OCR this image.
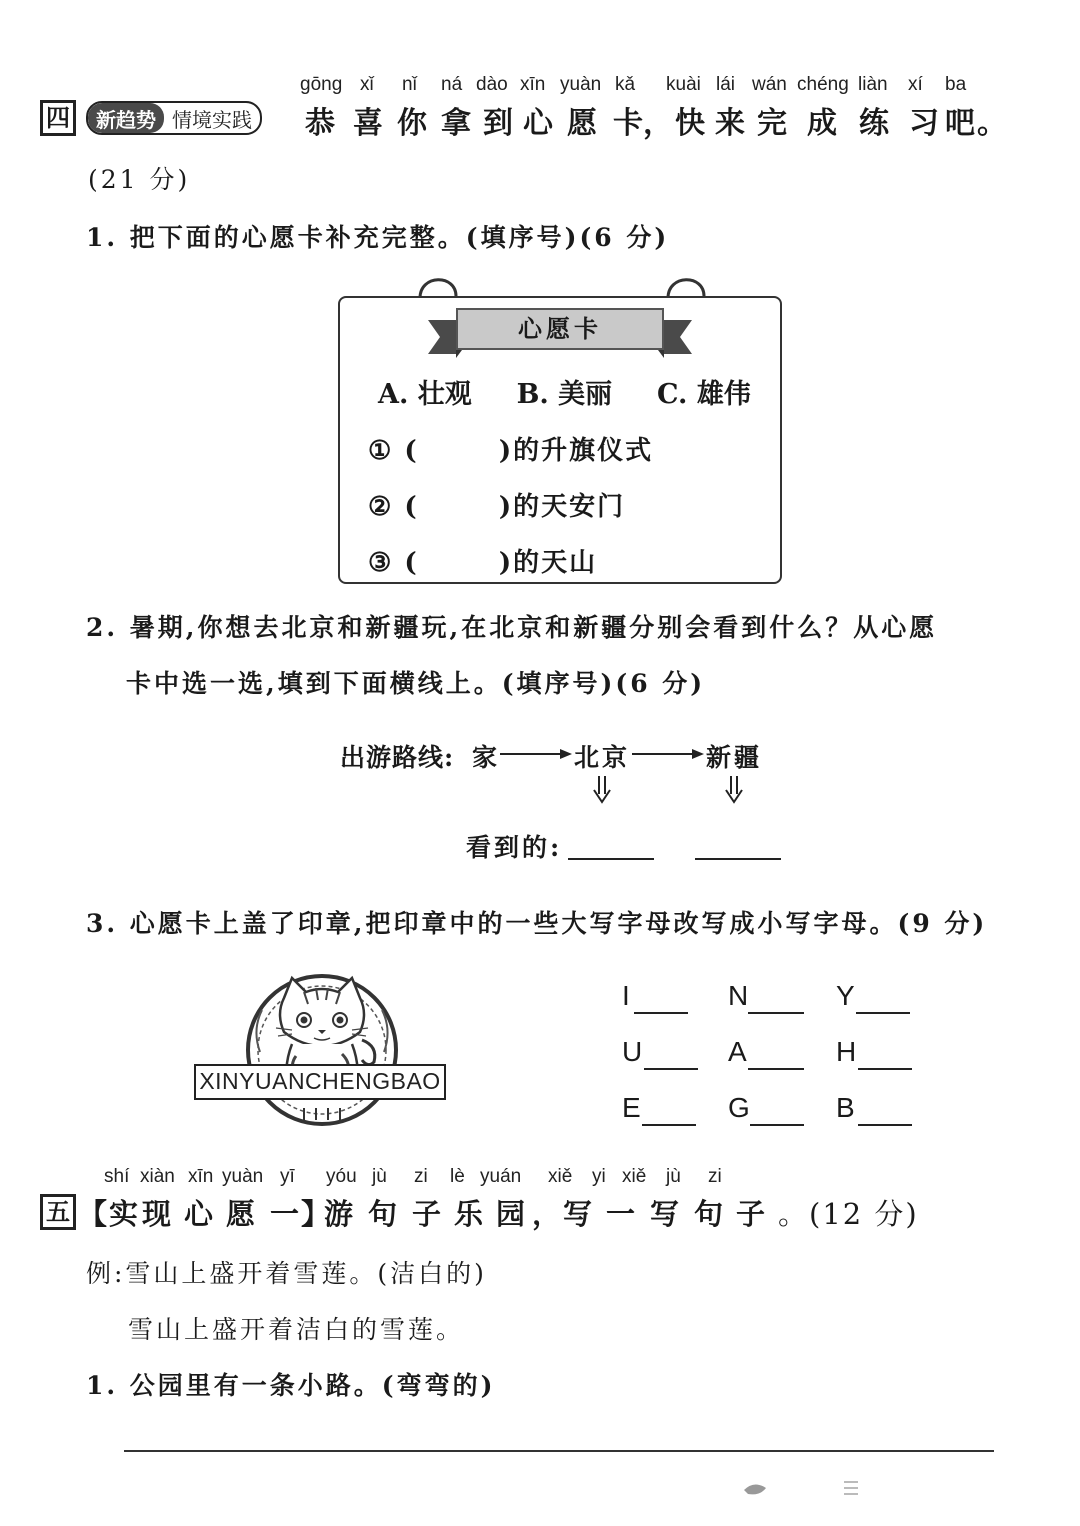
gōng xǐ nǐ ná dào xīn yuàn kǎ kuài lái wán chéng liàn xí ba
四	新趋势 情境实践 恭 喜 你 拿 到 心 愿 卡
，快 来 完 成 练 习 吧 。
(21 分)
1. 把下面的心愿卡补充完整。(填序号)(6 分)
心愿卡
A. 壮观 B. 美丽 C. 雄伟
① (	)的升旗仪式
② (	)的天安门
③ (	)的天山
2. 暑期,你想去北京和新疆玩,在北京和新疆分别会看到什么？从心愿
卡中选一选,填到下面横线上。(填序号)(6 分)
出游路线: 家	北京	新疆
看到的:
3. 心愿卡上盖了印章,把印章中的一些大写字母改写成小写字母。(9 分)
XINYUANCHENGBAO
I	N	Y
U	A	H
E	G	B
shí xiàn xīn yuàn yī yóu jù zi lè yuán xiě yi xiě jù zi
五 【实 现 心 愿 一】
游 句 子 乐 园 ，写 一 写 句 子 。(12 分)
例:雪山上盛开着雪莲。(洁白的)
雪山上盛开着洁白的雪莲。
1. 公园里有一条小路。(弯弯的)
